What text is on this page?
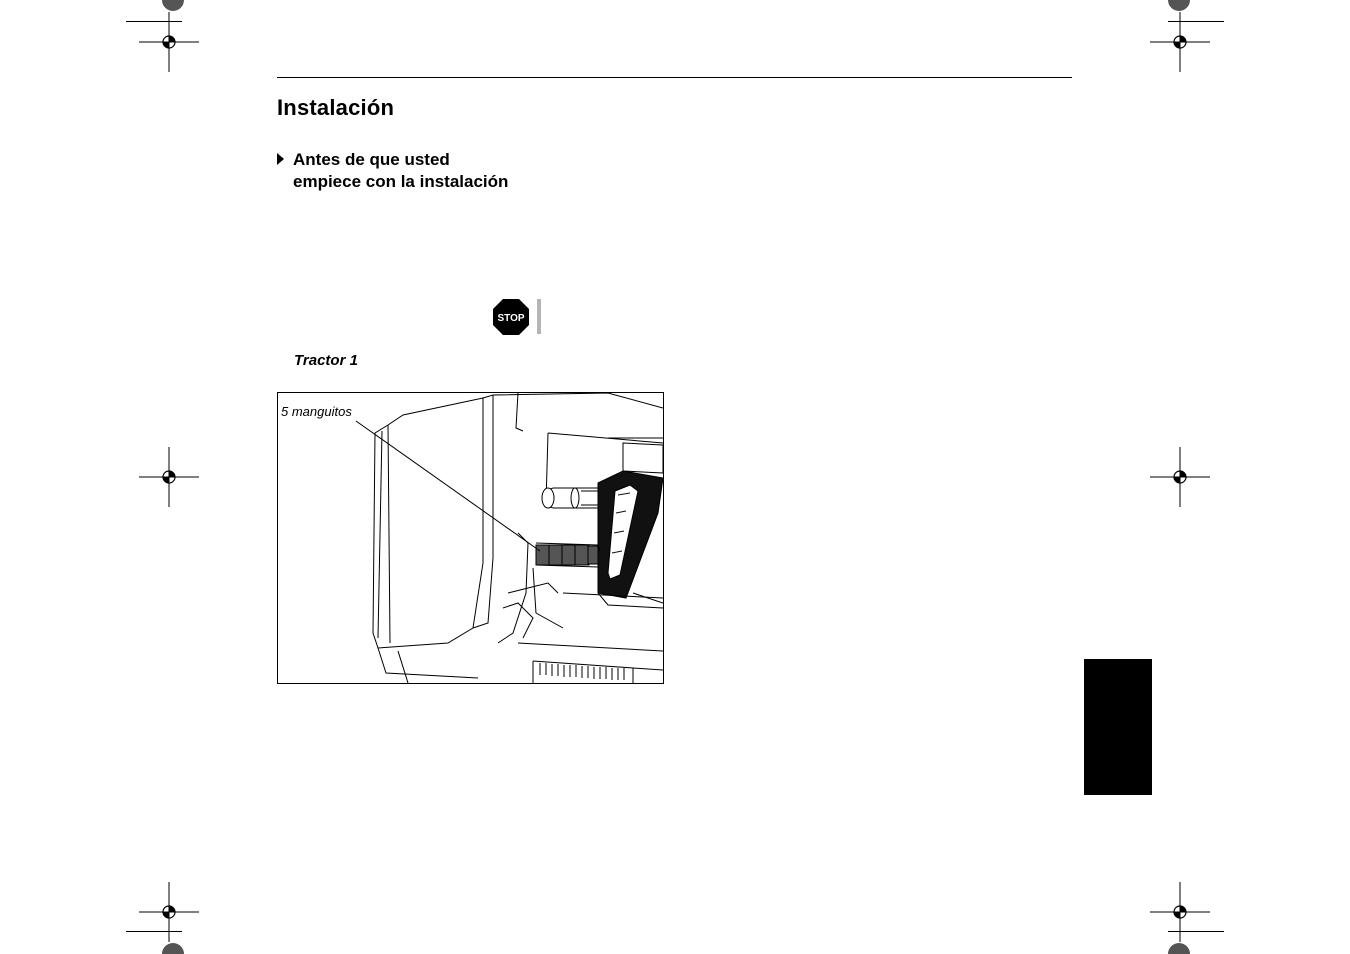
Instalación
Antes de que usted
empiece con la instalación
STOP
Tractor 1
5 manguitos
